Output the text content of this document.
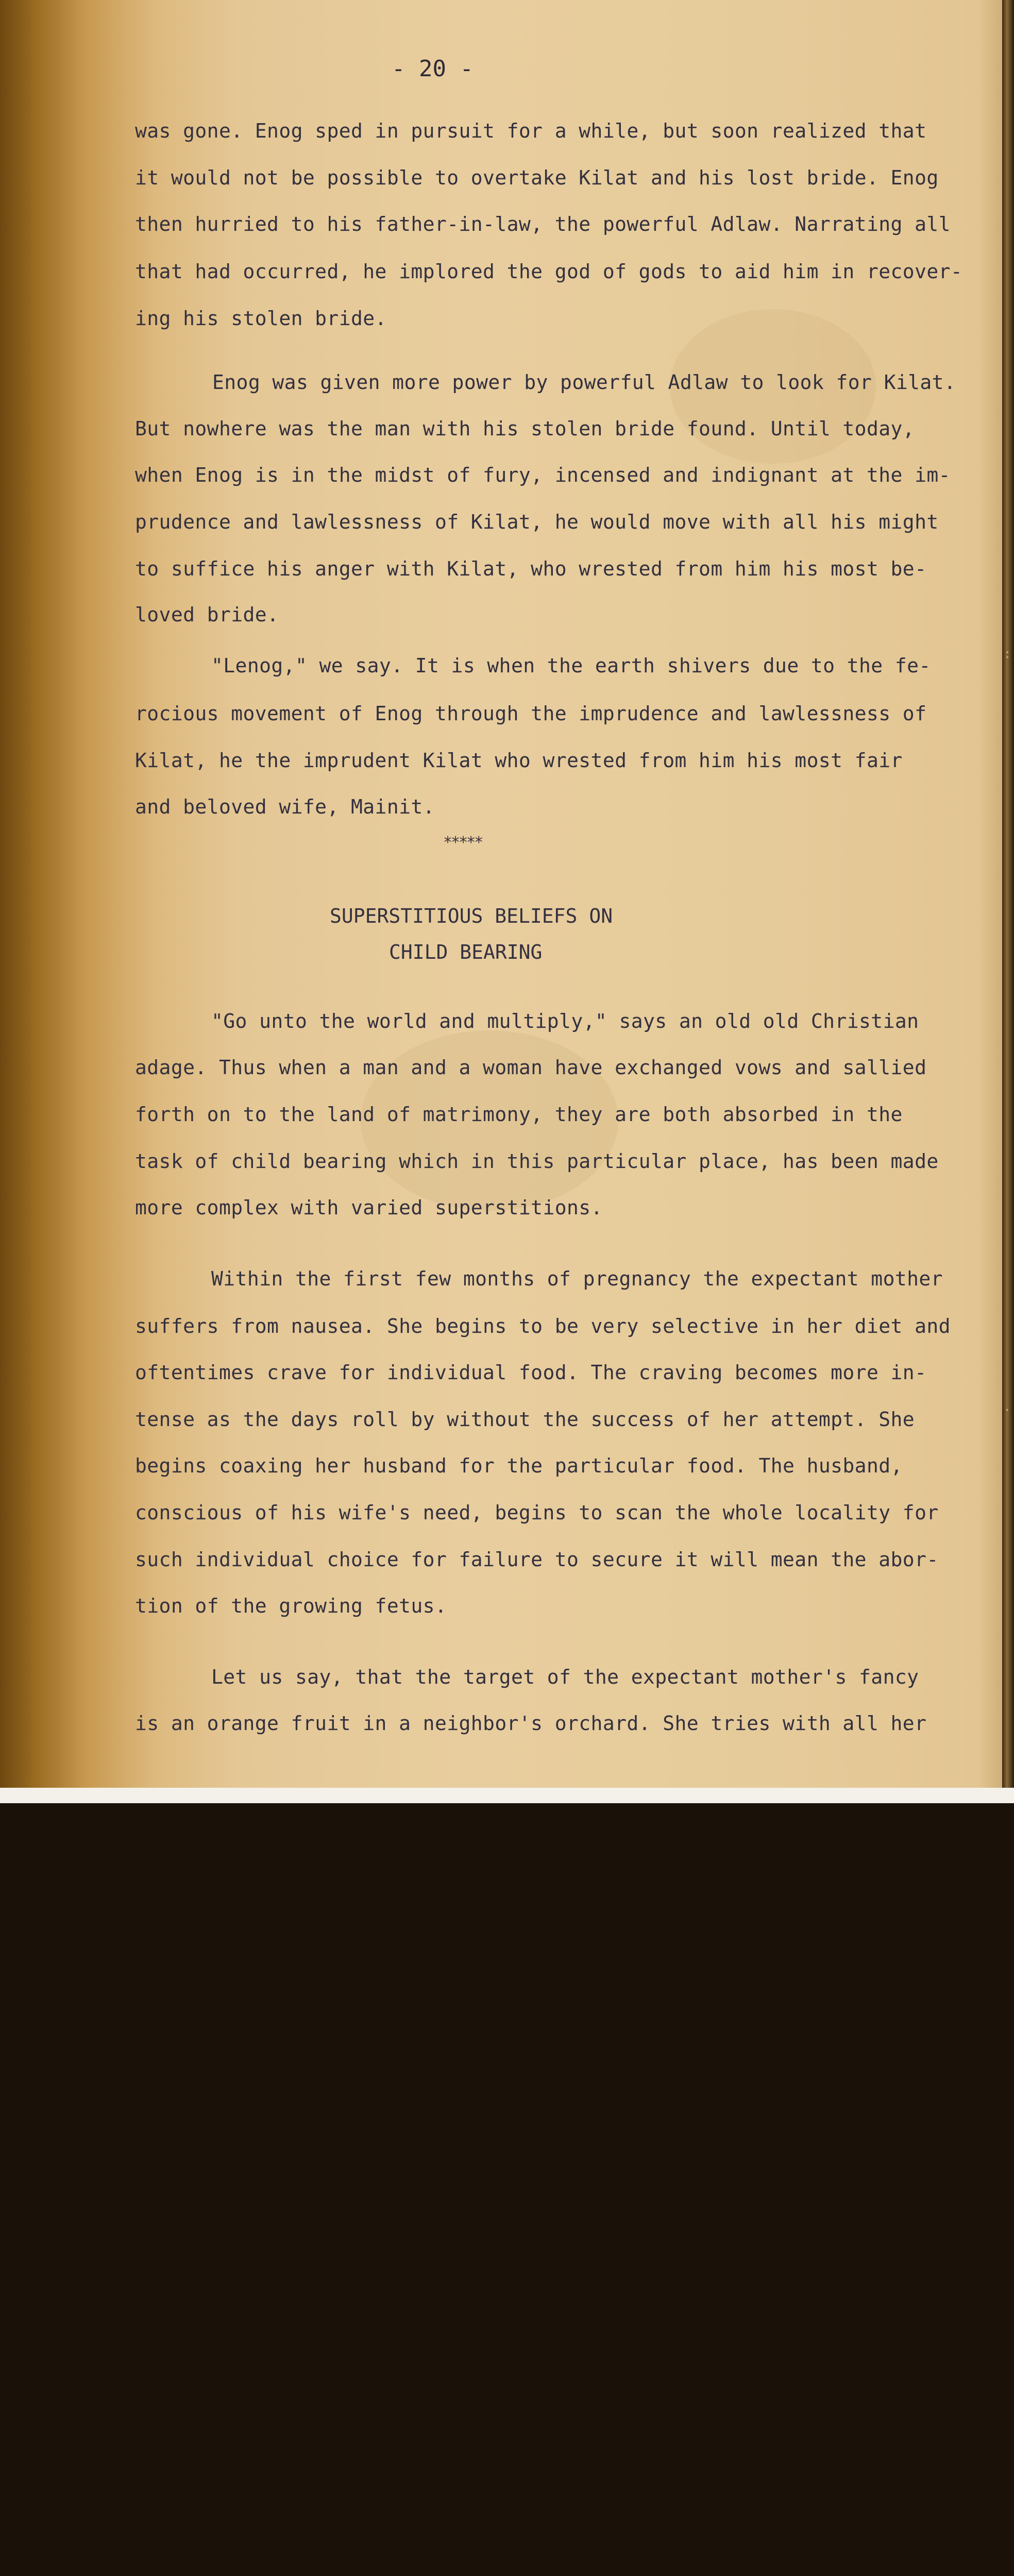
- 20 -
was gone. Enog sped in pursuit for a while, but soon realized that
it would not be possible to overtake Kilat and his lost bride. Enog
then hurried to his father-in-law, the powerful Adlaw. Narrating all
that had occurred, he implored the god of gods to aid him in recover-
ing his stolen bride.
Enog was given more power by powerful Adlaw to look for Kilat.
But nowhere was the man with his stolen bride found. Until today,
when Enog is in the midst of fury, incensed and indignant at the im-
prudence and lawlessness of Kilat, he would move with all his might
to suffice his anger with Kilat, who wrested from him his most be-
loved bride.
"Lenog," we say. It is when the earth shivers due to the fe-
rocious movement of Enog through the imprudence and lawlessness of
Kilat, he the imprudent Kilat who wrested from him his most fair
and beloved wife, Mainit.
*****
SUPERSTITIOUS BELIEFS ON
CHILD BEARING
"Go unto the world and multiply," says an old old Christian
adage. Thus when a man and a woman have exchanged vows and sallied
forth on to the land of matrimony, they are both absorbed in the
task of child bearing which in this particular place, has been made
more complex with varied superstitions.
Within the first few months of pregnancy the expectant mother
suffers from nausea. She begins to be very selective in her diet and
oftentimes crave for individual food. The craving becomes more in-
tense as the days roll by without the success of her attempt. She
begins coaxing her husband for the particular food. The husband,
conscious of his wife's need, begins to scan the whole locality for
such individual choice for failure to secure it will mean the abor-
tion of the growing fetus.
Let us say, that the target of the expectant mother's fancy
is an orange fruit in a neighbor's orchard. She tries with all her
:
·
